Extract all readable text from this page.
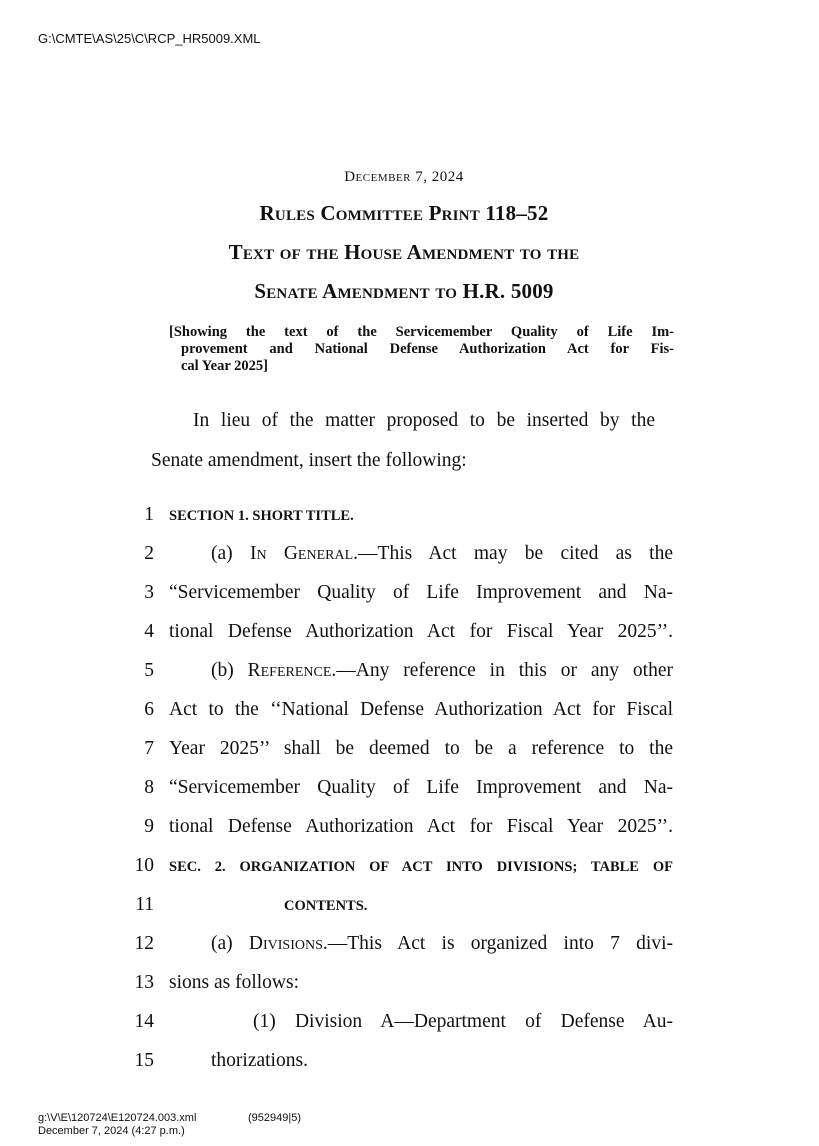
G:\CMTE\AS\25\C\RCP_HR5009.XML
December 7, 2024
Rules Committee Print 118–52
Text of the House Amendment to the
Senate Amendment to H.R. 5009
[Showing the text of the Servicemember Quality of Life Im-
provement and National Defense Authorization Act for Fis-
cal Year 2025]
In lieu of the matter proposed to be inserted by the
Senate amendment, insert the following:
1 SECTION 1. SHORT TITLE.
2	(a) In General.—This Act may be cited as the
3 “Servicemember Quality of Life Improvement and Na-
4 tional Defense Authorization Act for Fiscal Year 2025’’.
5	(b) Reference.—Any reference in this or any other
6 Act to the ‘‘National Defense Authorization Act for Fiscal
7 Year 2025’’ shall be deemed to be a reference to the
8 “Servicemember Quality of Life Improvement and Na-
9 tional Defense Authorization Act for Fiscal Year 2025’’.
10 SEC. 2. ORGANIZATION OF ACT INTO DIVISIONS; TABLE OF
11	CONTENTS.
12	(a) Divisions.—This Act is organized into 7 divi-
13 sions as follows:
14	(1) Division A—Department of Defense Au-
15	thorizations.
g:\V\E\120724\E120724.003.xml	(952949|5)
December 7, 2024 (4:27 p.m.)
